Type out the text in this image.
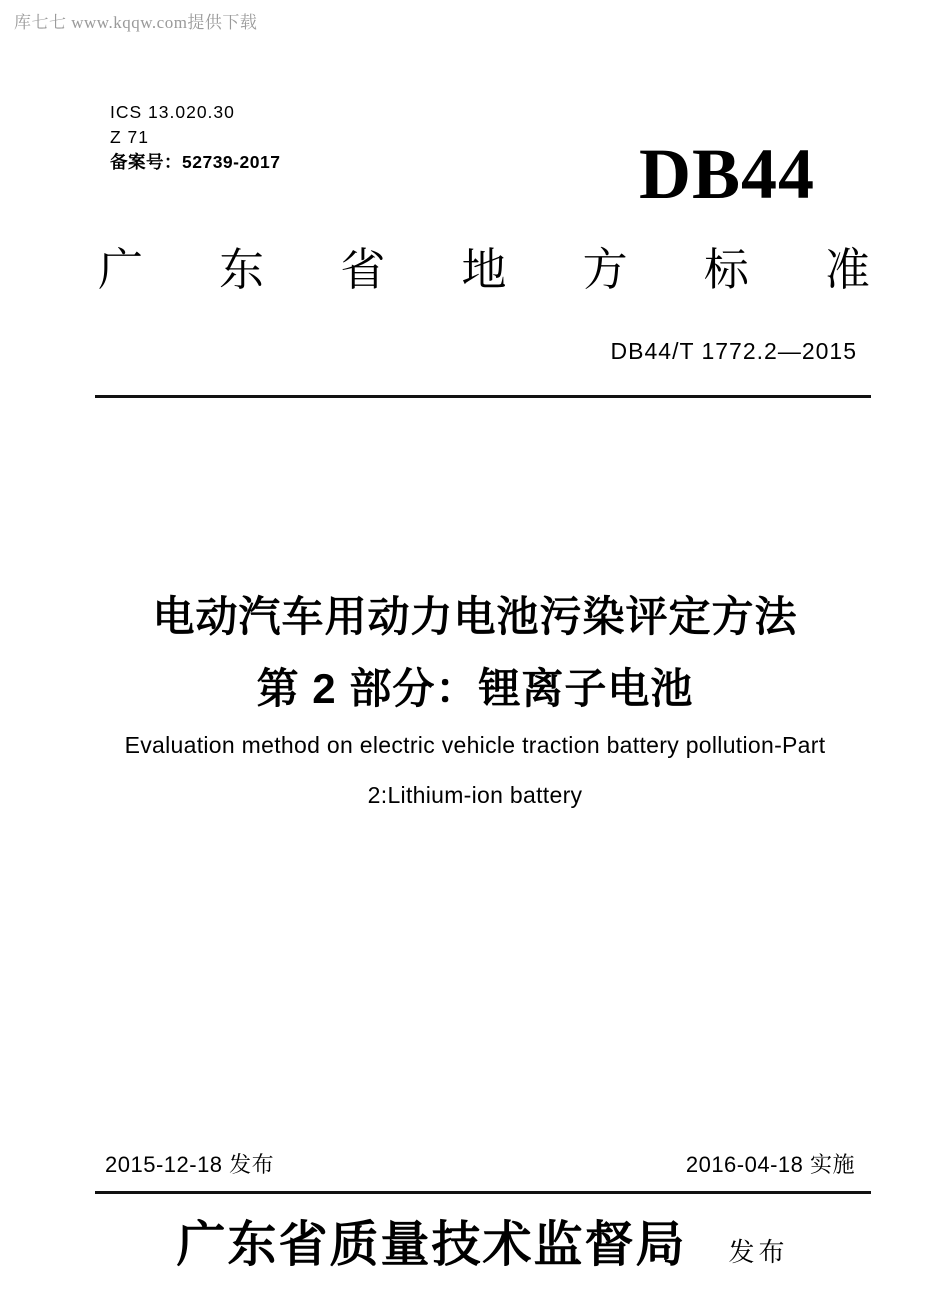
库七七 www.kqqw.com提供下载
ICS 13.020.30
Z 71
备案号：52739-2017	DB44
广东省地方标准
DB44/T 1772.2—2015
电动汽车用动力电池污染评定方法
第 2 部分：锂离子电池
Evaluation method on electric vehicle traction battery pollution-Part
2:Lithium-ion battery
2015-12-18 发布	2016-04-18 实施
广东省质量技术监督局 发布
